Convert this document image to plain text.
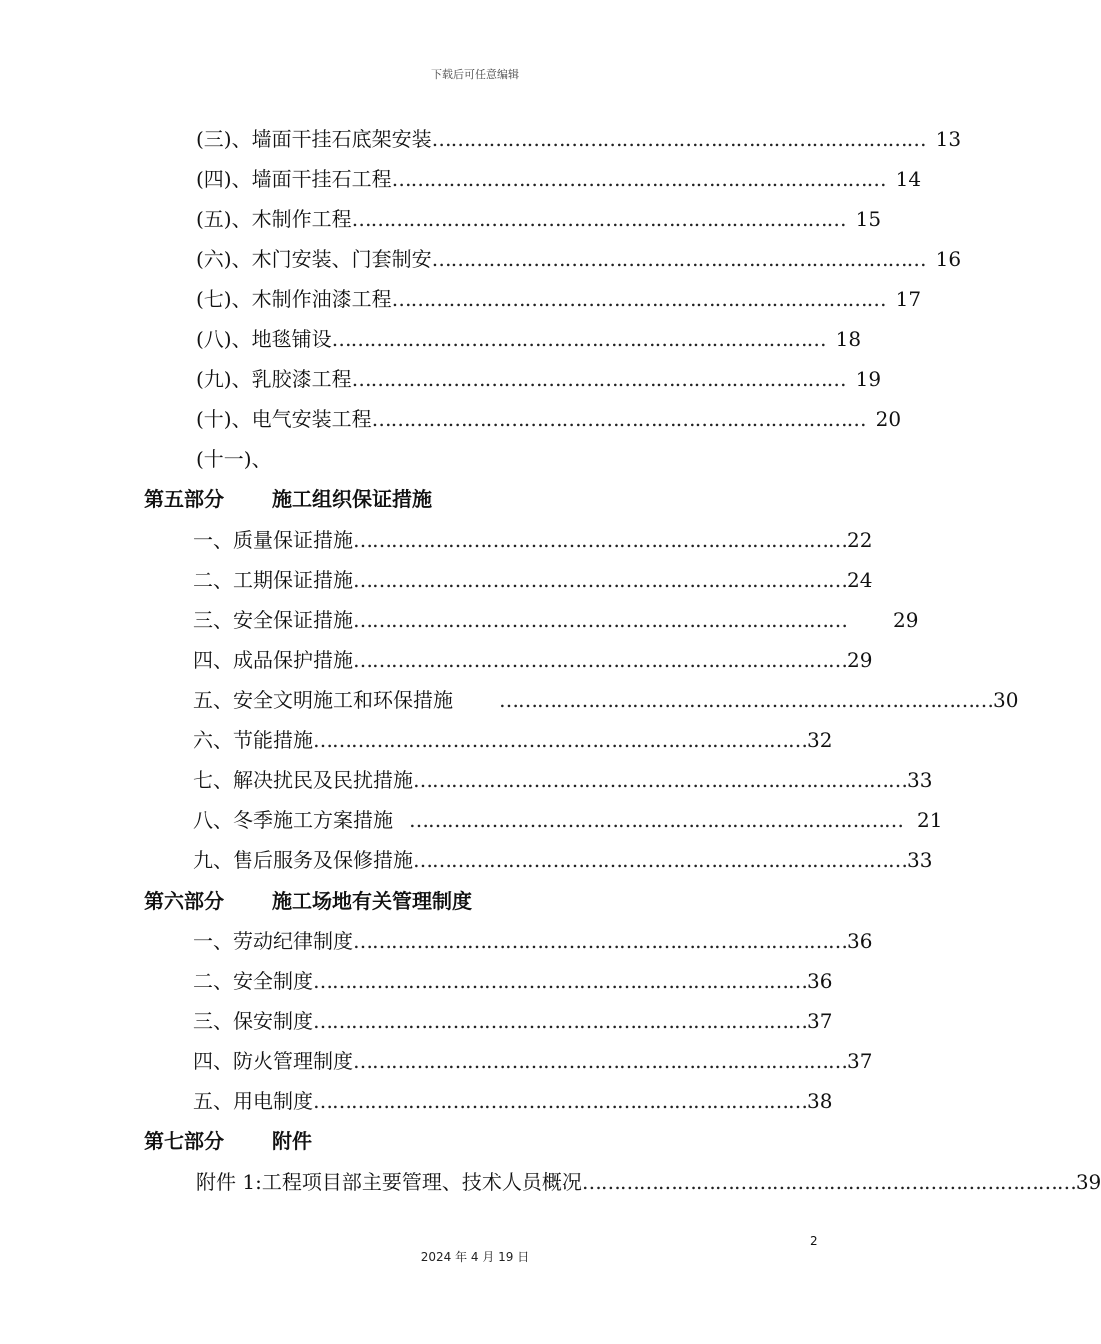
下载后可任意编辑
(三)、墙面干挂石底架安装 …………………………………………………………………… 13
(四)、墙面干挂石工程 …………………………………………………………………… 14
(五)、木制作工程 …………………………………………………………………… 15
(六)、木门安装、门套制安 …………………………………………………………………… 16
(七)、木制作油漆工程 …………………………………………………………………… 17
(八)、地毯铺设 …………………………………………………………………… 18
(九)、乳胶漆工程 …………………………………………………………………… 19
(十)、电气安装工程 …………………………………………………………………… 20
(十一)、
第五部分 施工组织保证措施
一、质量保证措施 …………………………………………………………………… 22
二、工期保证措施 …………………………………………………………………… 24
三、安全保证措施 …………………………………………………………………… 29
四、成品保护措施 …………………………………………………………………… 29
五、安全文明施工和环保措施 …………………………………………………………………… 30
六、节能措施 …………………………………………………………………… 32
七、解决扰民及民扰措施 …………………………………………………………………… 33
八、冬季施工方案措施 …………………………………………………………………… 21
九、售后服务及保修措施 …………………………………………………………………… 33
第六部分 施工场地有关管理制度
一、劳动纪律制度 …………………………………………………………………… 36
二、安全制度 …………………………………………………………………… 36
三、保安制度 …………………………………………………………………… 37
四、防火管理制度 …………………………………………………………………… 37
五、用电制度 …………………………………………………………………… 38
第七部分 附件
附件 1:工程项目部主要管理、技术人员概况 …………………………………………………………………… 39
2
2024 年 4 月 19 日
